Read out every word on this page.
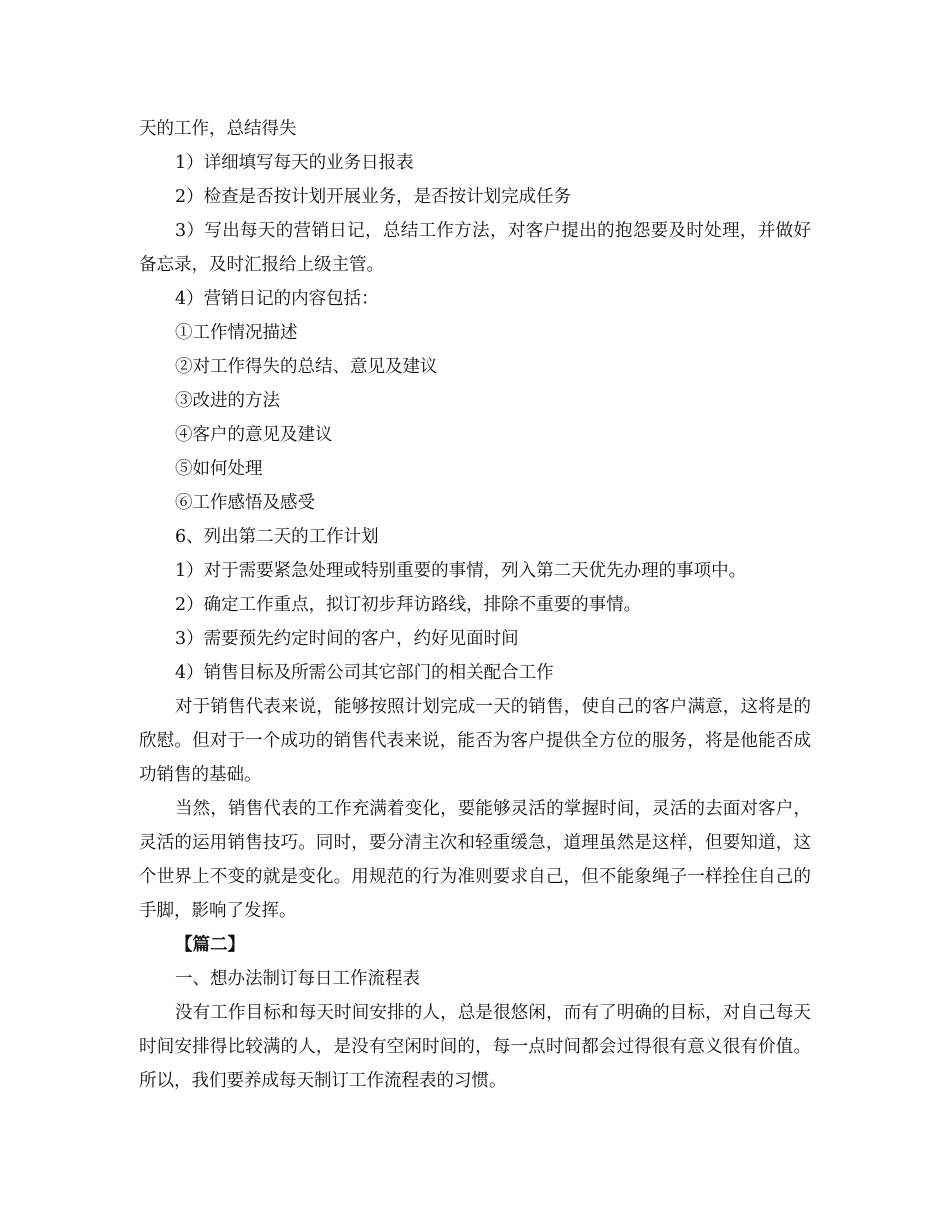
天的工作，总结得失

1）详细填写每天的业务日报表

2）检查是否按计划开展业务，是否按计划完成任务

3）写出每天的营销日记，总结工作方法，对客户提出的抱怨要及时处理，并做好备忘录，及时汇报给上级主管。

4）营销日记的内容包括：

①工作情况描述

②对工作得失的总结、意见及建议

③改进的方法

④客户的意见及建议

⑤如何处理

⑥工作感悟及感受

6、列出第二天的工作计划

1）对于需要紧急处理或特别重要的事情，列入第二天优先办理的事项中。

2）确定工作重点，拟订初步拜访路线，排除不重要的事情。

3）需要预先约定时间的客户，约好见面时间

4）销售目标及所需公司其它部门的相关配合工作

对于销售代表来说，能够按照计划完成一天的销售，使自己的客户满意，这将是的欣慰。但对于一个成功的销售代表来说，能否为客户提供全方位的服务，将是他能否成功销售的基础。

当然，销售代表的工作充满着变化，要能够灵活的掌握时间，灵活的去面对客户，灵活的运用销售技巧。同时，要分清主次和轻重缓急，道理虽然是这样，但要知道，这个世界上不变的就是变化。用规范的行为准则要求自己，但不能象绳子一样拴住自己的手脚，影响了发挥。

【篇二】

一、想办法制订每日工作流程表

没有工作目标和每天时间安排的人，总是很悠闲，而有了明确的目标，对自己每天时间安排得比较满的人，是没有空闲时间的，每一点时间都会过得很有意义很有价值。所以，我们要养成每天制订工作流程表的习惯。
